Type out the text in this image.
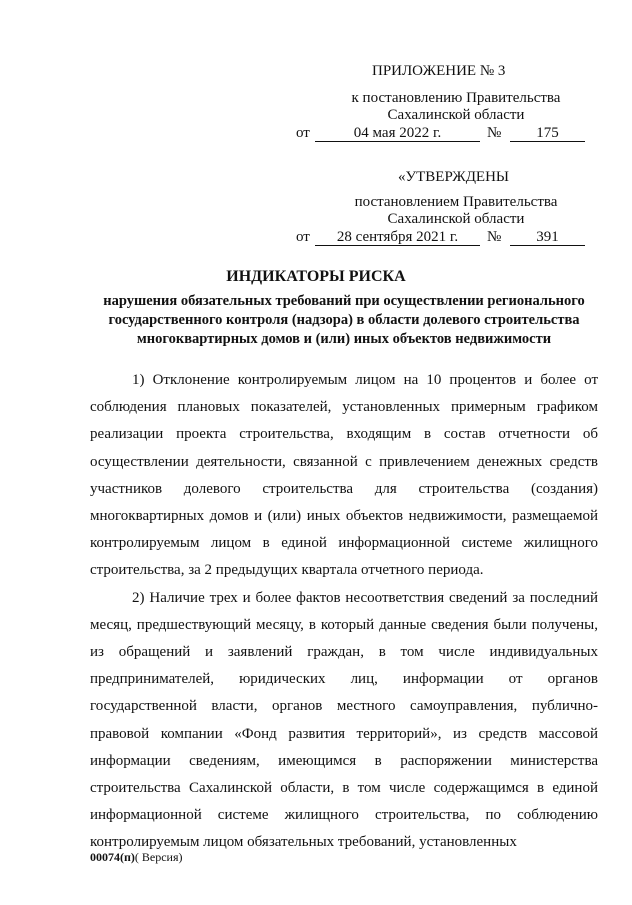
ПРИЛОЖЕНИЕ № 3
к постановлению Правительства
Сахалинской области
от	04 мая 2022 г.	№	175
«УТВЕРЖДЕНЫ
постановлением Правительства
Сахалинской области
от	28 сентября 2021 г.	№	391
ИНДИКАТОРЫ РИСКА
нарушения обязательных требований при осуществлении регионального
государственного контроля (надзора) в области долевого строительства
многоквартирных домов и (или) иных объектов недвижимости

1) Отклонение контролируемым лицом на 10 процентов и более от соблюдения плановых показателей, установленных примерным графиком реализации проекта строительства, входящим в состав отчетности об осуществлении деятельности, связанной с привлечением денежных средств участников долевого строительства для строительства (создания) многоквартирных домов и (или) иных объектов недвижимости, размещаемой контролируемым лицом в единой информационной системе жилищного строительства, за 2 предыдущих квартала отчетного периода.

2) Наличие трех и более фактов несоответствия сведений за последний месяц, предшествующий месяцу, в который данные сведения были получены, из обращений и заявлений граждан, в том числе индивидуальных предпринимателей, юридических лиц, информации от органов государственной власти, органов местного самоуправления, публично-правовой компании «Фонд развития территорий», из средств массовой информации сведениям, имеющимся в распоряжении министерства строительства Сахалинской области, в том числе содержащимся в единой информационной системе жилищного строительства, по соблюдению контролируемым лицом обязательных требований, установленных

00074(п)( Версия)
